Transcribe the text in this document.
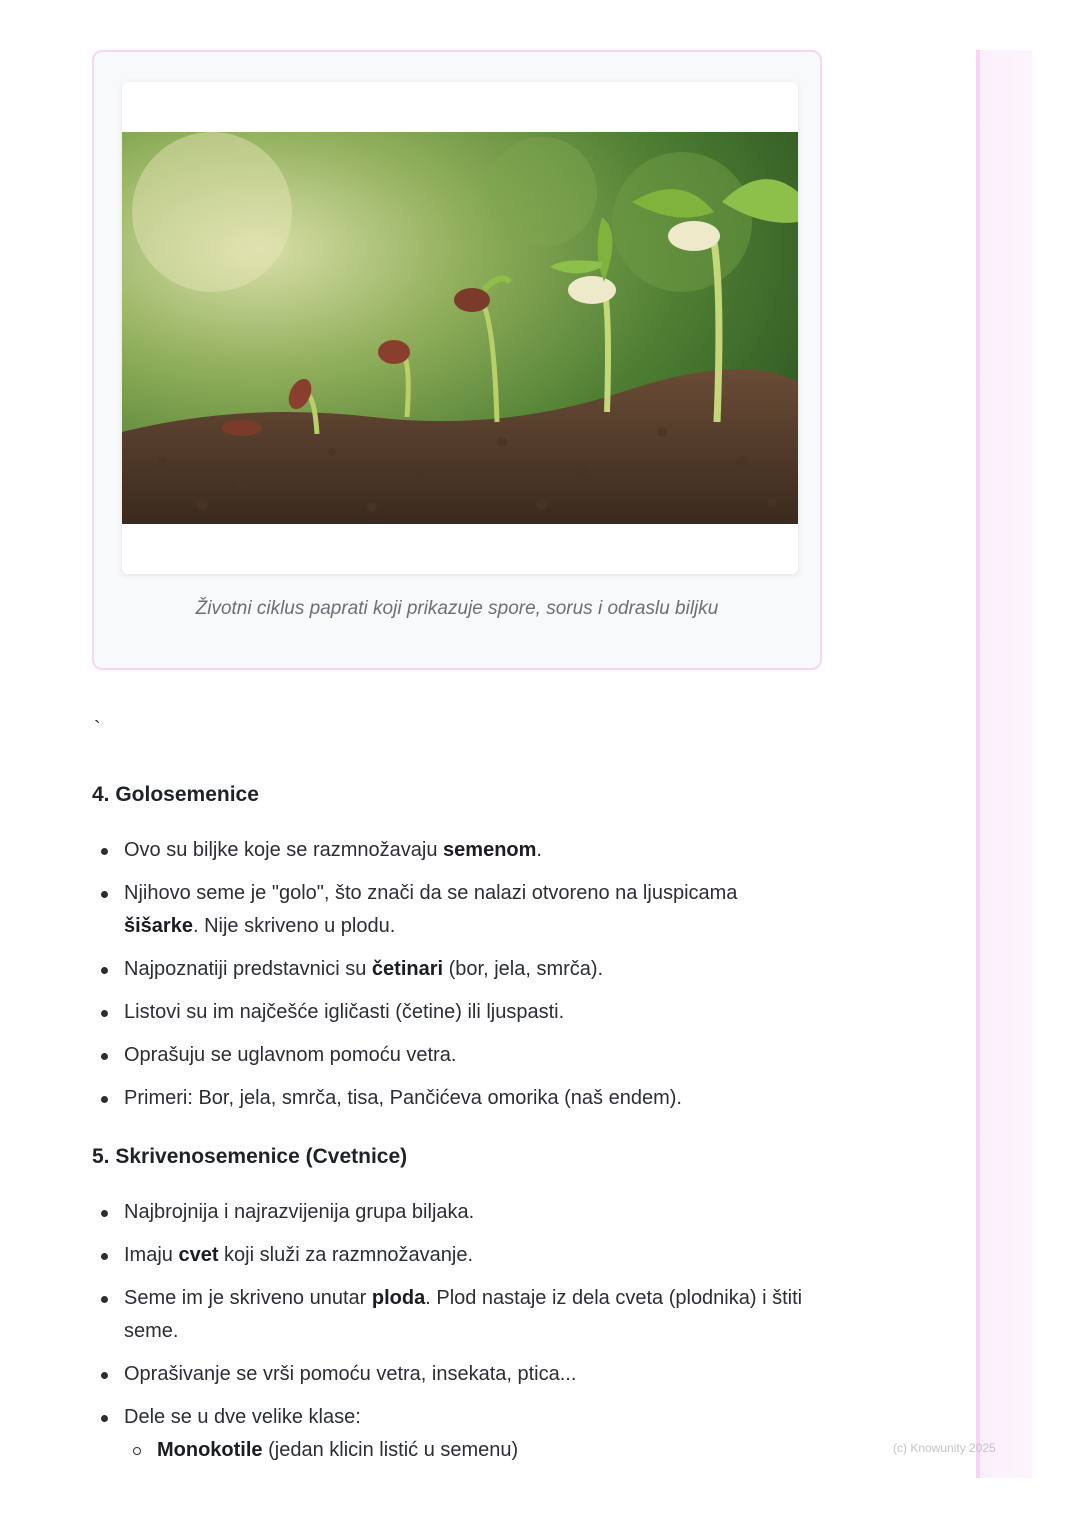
Životni ciklus paprati koji prikazuje spore, sorus i odraslu biljku
`
4. Golosemenice
Ovo su biljke koje se razmnožavaju semenom.
Njihovo seme je "golo", što znači da se nalazi otvoreno na ljuspicama šišarke. Nije skriveno u plodu.
Najpoznatiji predstavnici su četinari (bor, jela, smrča).
Listovi su im najčešće igličasti (četine) ili ljuspasti.
Oprašuju se uglavnom pomoću vetra.
Primeri: Bor, jela, smrča, tisa, Pančićeva omorika (naš endem).
5. Skrivenosemenice (Cvetnice)
Najbrojnija i najrazvijenija grupa biljaka.
Imaju cvet koji služi za razmnožavanje.
Seme im je skriveno unutar ploda. Plod nastaje iz dela cveta (plodnika) i štiti seme.
Oprašivanje se vrši pomoću vetra, insekata, ptica...
Dele se u dve velike klase:
Monokotile (jedan klicin listić u semenu)	(c) Knowunity 2025
